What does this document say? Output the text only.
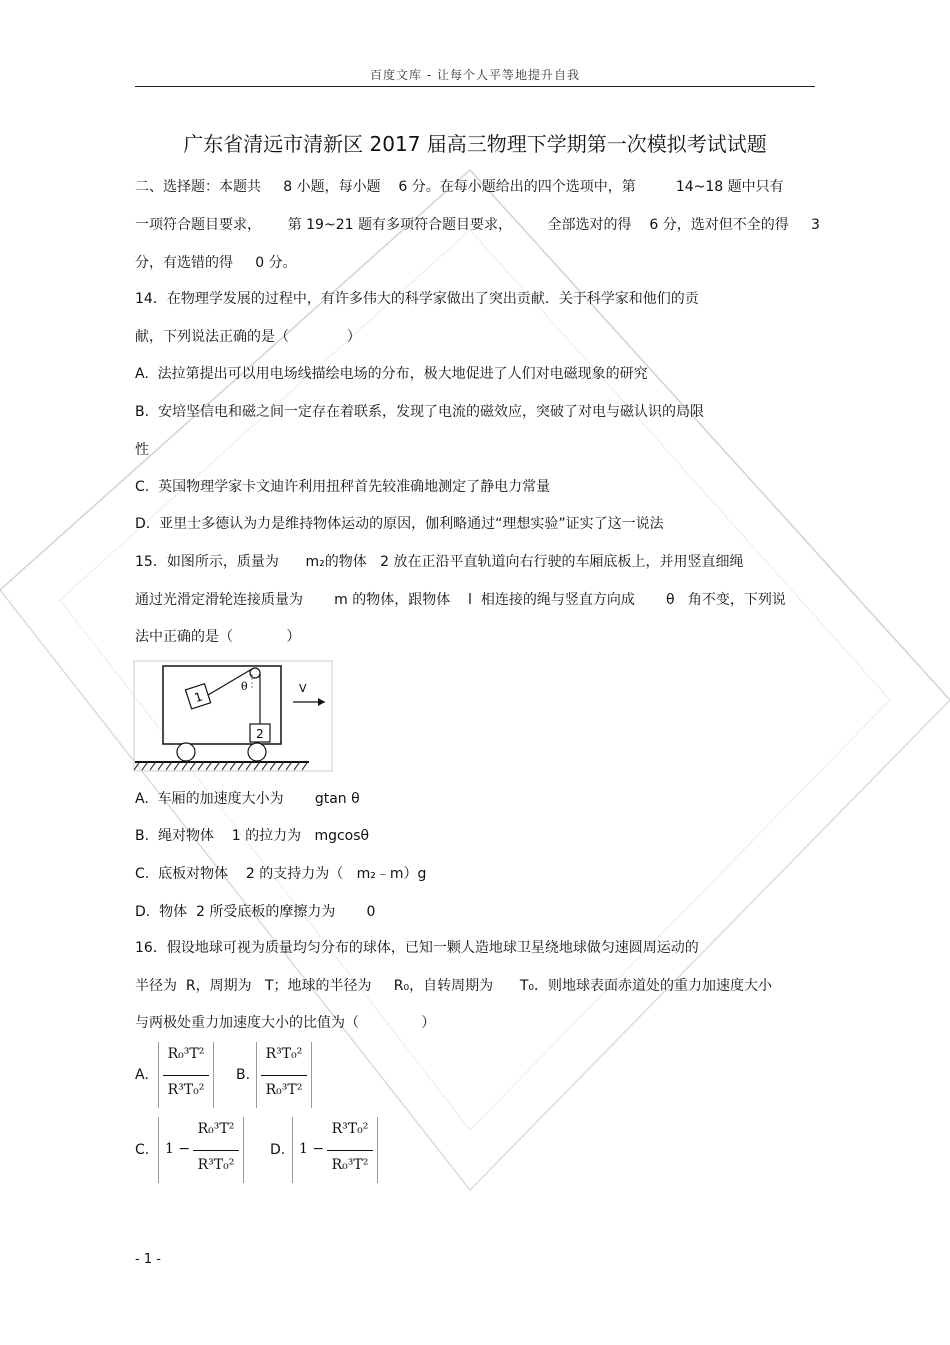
百度文库 - 让每个人平等地提升自我
广东省清远市清新区 2017 届高三物理下学期第一次模拟考试试题
二、选择题：本题共     8 小题，每小题    6 分。在每小题给出的四个选项中，第         14~18 题中只有
一项符合题目要求，      第 19~21 题有多项符合题目要求，        全部选对的得    6 分，选对但不全的得     3
分，有选错的得     0 分。
14．在物理学发展的过程中，有许多伟大的科学家做出了突出贡献．关于科学家和他们的贡
献，下列说法正确的是（             ）
A.  法拉第提出可以用电场线描绘电场的分布，极大地促进了人们对电磁现象的研究
B.  安培坚信电和磁之间一定存在着联系，发现了电流的磁效应，突破了对电与磁认识的局限
性
C.  英国物理学家卡文迪许利用扭秤首先较准确地测定了静电力常量
D.  亚里士多德认为力是维持物体运动的原因，伽利略通过“理想实验”证实了这一说法
15．如图所示，质量为      m₂的物体   2 放在正沿平直轨道向右行驶的车厢底板上，并用竖直细绳
通过光滑定滑轮连接质量为       m 的物体，跟物体    l  相连接的绳与竖直方向成       θ   角不变，下列说
法中正确的是（            ）
1
θ
2
V
A.  车厢的加速度大小为       gtan θ
B.  绳对物体    1 的拉力为   mgcosθ
C.  底板对物体    2 的支持力为（   m₂﹣m）g
D.  物体  2 所受底板的摩擦力为       0
16．假设地球可视为质量均匀分布的球体，已知一颗人造地球卫星绕地球做匀速圆周运动的
半径为  R，周期为   T；地球的半径为     R₀，自转周期为      T₀．则地球表面赤道处的重力加速度大小
与两极处重力加速度大小的比值为（              ）
A.
R₀³T²
R³T₀²
B.
R³T₀²
R₀³T²
C. 1 −
R₀³T²
R³T₀²
D. 1 −
R³T₀²
R₀³T²
- 1 -
